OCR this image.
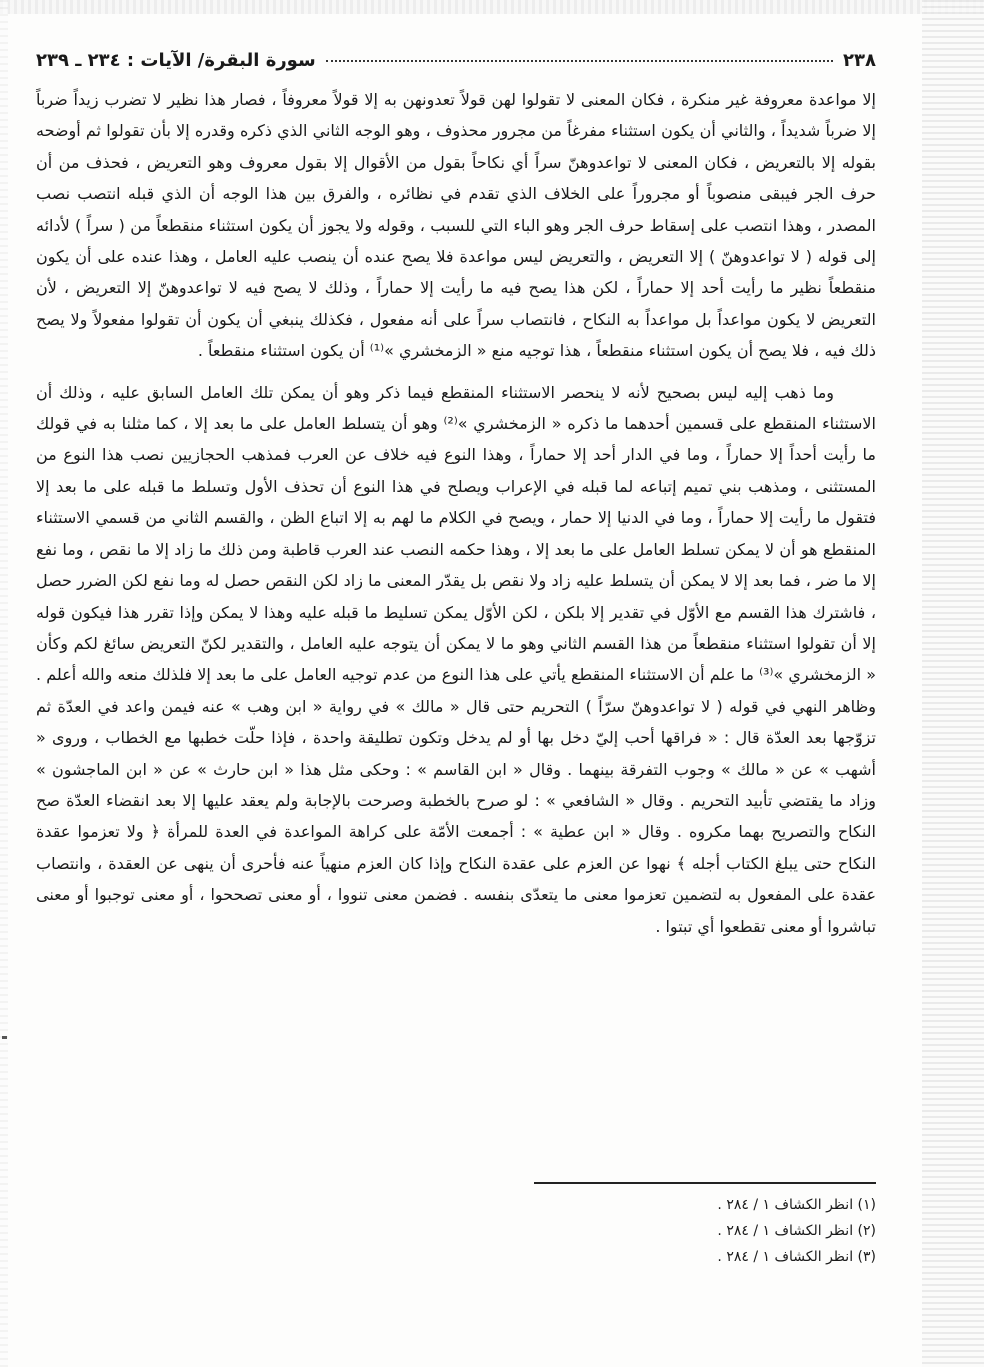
٢٣٨
سورة البقرة/ الآيات : ٢٣٤ ـ ٢٣٩

إلا مواعدة معروفة غير منكرة ، فكان المعنى لا تقولوا لهن قولاً تعدونهن به إلا قولاً معروفاً ، فصار هذا نظير لا تضرب زيداً ضرباً إلا ضرباً شديداً ، والثاني أن يكون استثناء مفرغاً من مجرور محذوف ، وهو الوجه الثاني الذي ذكره وقدره إلا بأن تقولوا ثم أوضحه بقوله إلا بالتعريض ، فكان المعنى لا تواعدوهنّ سراً أي نكاحاً بقول من الأقوال إلا بقول معروف وهو التعريض ، فحذف من أن حرف الجر فيبقى منصوباً أو مجروراً على الخلاف الذي تقدم في نظائره ، والفرق بين هذا الوجه أن الذي قبله انتصب نصب المصدر ، وهذا انتصب على إسقاط حرف الجر وهو الباء التي للسبب ، وقوله ولا يجوز أن يكون استثناء منقطعاً من ( سراً ) لأدائه إلى قوله ( لا تواعدوهنّ ) إلا التعريض ، والتعريض ليس مواعدة فلا يصح عنده أن ينصب عليه العامل ، وهذا عنده على أن يكون منقطعاً نظير ما رأيت أحد إلا حماراً ، لكن هذا يصح فيه ما رأيت إلا حماراً ، وذلك لا يصح فيه لا تواعدوهنّ إلا التعريض ، لأن التعريض لا يكون مواعداً بل مواعداً به النكاح ، فانتصاب سراً على أنه مفعول ، فكذلك ينبغي أن يكون أن تقولوا مفعولاً ولا يصح ذلك فيه ، فلا يصح أن يكون استثناء منقطعاً ، هذا توجيه منع « الزمخشري »⁽¹⁾ أن يكون استثناء منقطعاً .

وما ذهب إليه ليس بصحيح لأنه لا ينحصر الاستثناء المنقطع فيما ذكر وهو أن يمكن تلك العامل السابق عليه ، وذلك أن الاستثناء المنقطع على قسمين أحدهما ما ذكره « الزمخشري »⁽²⁾ وهو أن يتسلط العامل على ما بعد إلا ، كما مثلنا به في قولك ما رأيت أحداً إلا حماراً ، وما في الدار أحد إلا حماراً ، وهذا النوع فيه خلاف عن العرب فمذهب الحجازيين نصب هذا النوع من المستثنى ، ومذهب بني تميم إتباعه لما قبله في الإعراب ويصلح في هذا النوع أن تحذف الأول وتسلط ما قبله على ما بعد إلا فتقول ما رأيت إلا حماراً ، وما في الدنيا إلا حمار ، ويصح في الكلام ما لهم به إلا اتباع الظن ، والقسم الثاني من قسمي الاستثناء المنقطع هو أن لا يمكن تسلط العامل على ما بعد إلا ، وهذا حكمه النصب عند العرب قاطبة ومن ذلك ما زاد إلا ما نقص ، وما نفع إلا ما ضر ، فما بعد إلا لا يمكن أن يتسلط عليه زاد ولا نقص بل يقدّر المعنى ما زاد لكن النقص حصل له وما نفع لكن الضرر حصل ، فاشترك هذا القسم مع الأوّل في تقدير إلا بلكن ، لكن الأوّل يمكن تسليط ما قبله عليه وهذا لا يمكن وإذا تقرر هذا فيكون قوله إلا أن تقولوا استثناء منقطعاً من هذا القسم الثاني وهو ما لا يمكن أن يتوجه عليه العامل ، والتقدير لكنّ التعريض سائغ لكم وكأن « الزمخشري »⁽³⁾ ما علم أن الاستثناء المنقطع يأتي على هذا النوع من عدم توجيه العامل على ما بعد إلا فلذلك منعه والله أعلم . وظاهر النهي في قوله ( لا تواعدوهنّ سرّاً ) التحريم حتى قال « مالك » في رواية « ابن وهب » عنه فيمن واعد في العدّة ثم تزوّجها بعد العدّة قال : « فراقها أحب إليّ دخل بها أو لم يدخل وتكون تطليقة واحدة ، فإذا حلّت خطبها مع الخطاب ، وروى « أشهب » عن « مالك » وجوب التفرقة بينهما . وقال « ابن القاسم » : وحكى مثل هذا « ابن حارث » عن « ابن الماجشون » وزاد ما يقتضي تأبيد التحريم . وقال « الشافعي » : لو صرح بالخطبة وصرحت بالإجابة ولم يعقد عليها إلا بعد انقضاء العدّة صح النكاح والتصريح بهما مكروه . وقال « ابن عطية » : أجمعت الأمّة على كراهة المواعدة في العدة للمرأة ﴿ ولا تعزموا عقدة النكاح حتى يبلغ الكتاب أجله ﴾ نهوا عن العزم على عقدة النكاح وإذا كان العزم منهياً عنه فأحرى أن ينهى عن العقدة ، وانتصاب عقدة على المفعول به لتضمين تعزموا معنى ما يتعدّى بنفسه . فضمن معنى تنووا ، أو معنى تصححوا ، أو معنى توجبوا أو معنى تباشروا أو معنى تقطعوا أي تبتوا .

(١) انظر الكشاف ١ / ٢٨٤ .
(٢) انظر الكشاف ١ / ٢٨٤ .
(٣) انظر الكشاف ١ / ٢٨٤ .
